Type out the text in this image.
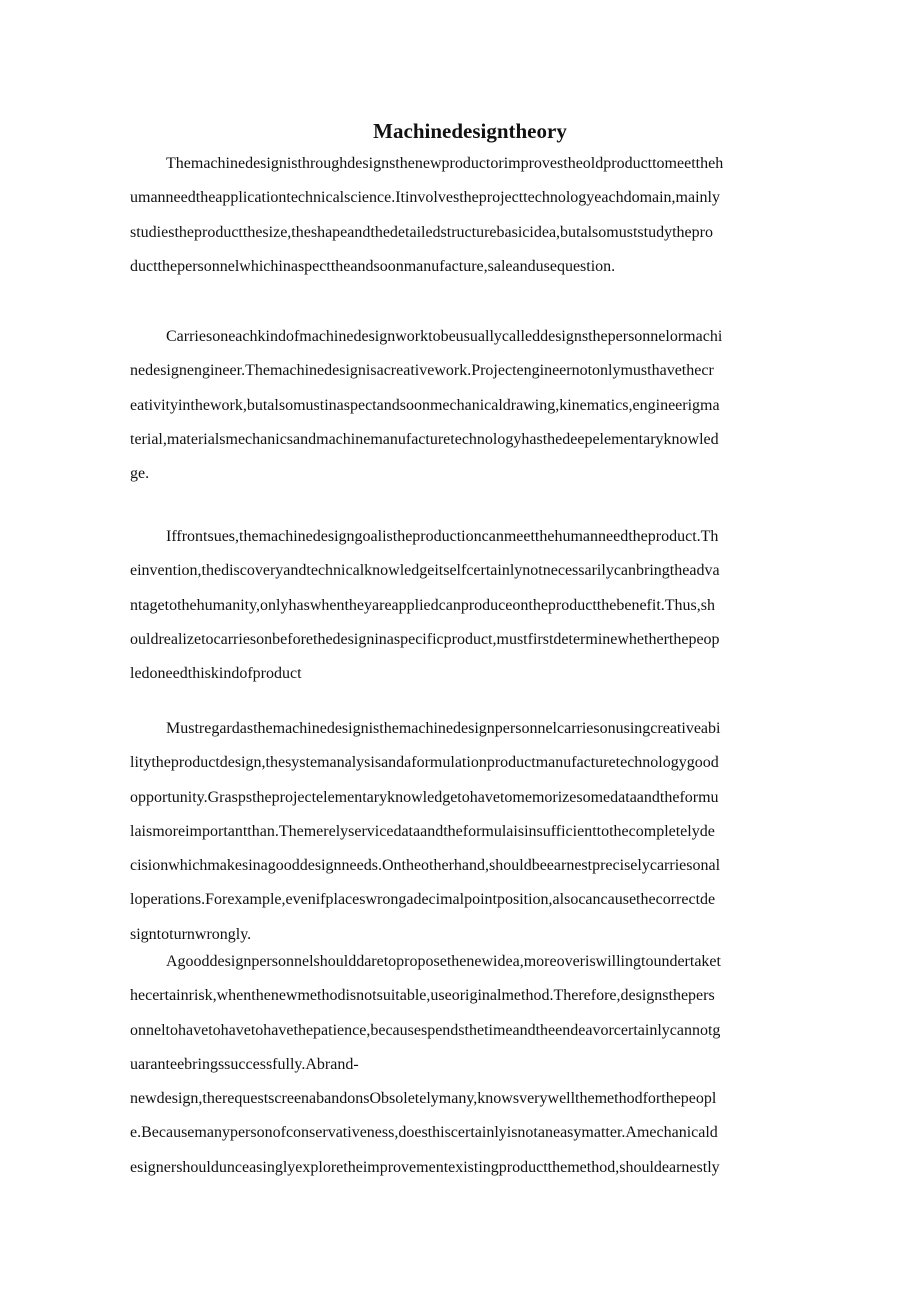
Machinedesigntheory
Themachinedesignisthroughdesignsthenewproductorimprovestheoldproducttomeettheh
umanneedtheapplicationtechnicalscience.Itinvolvestheprojecttechnologyeachdomain,mainly
studiestheproductthesize,theshapeandthedetailedstructurebasicidea,butalsomuststudythepro
ductthepersonnelwhichinaspecttheandsoonmanufacture,saleandusequestion.
Carriesoneachkindofmachinedesignworktobeusuallycalleddesignsthepersonnelormachi
nedesignengineer.Themachinedesignisacreativework.Projectengineernotonlymusthavethecr
eativityinthework,butalsomustinaspectandsoonmechanicaldrawing,kinematics,engineerigma
terial,materialsmechanicsandmachinemanufacturetechnologyhasthedeepelementaryknowled
ge.
Iffrontsues,themachinedesigngoalistheproductioncanmeetthehumanneedtheproduct.Th
einvention,thediscoveryandtechnicalknowledgeitselfcertainlynotnecessarilycanbringtheadva
ntagetothehumanity,onlyhaswhentheyareappliedcanproduceontheproductthebenefit.Thus,sh
ouldrealizetocarriesonbeforethedesigninaspecificproduct,mustfirstdeterminewhetherthepeop
ledoneedthiskindofproduct
Mustregardasthemachinedesignisthemachinedesignpersonnelcarriesonusingcreativeabi
litytheproductdesign,thesystemanalysisandaformulationproductmanufacturetechnologygood
opportunity.Graspstheprojectelementaryknowledgetohavetomemorizesomedataandtheformu
laismoreimportantthan.Themerelyservicedataandtheformulaisinsufficienttothecompletelyde
cisionwhichmakesinagooddesignneeds.Ontheotherhand,shouldbeearnestpreciselycarriesonal
loperations.Forexample,evenifplaceswrongadecimalpointposition,alsocancausethecorrectde
signtoturnwrongly.
Agooddesignpersonnelshoulddaretoproposethenewidea,moreoveriswillingtoundertaket
hecertainrisk,whenthenewmethodisnotsuitable,useoriginalmethod.Therefore,designsthepers
onneltohavetohavetohavethepatience,becausespendsthetimeandtheendeavorcertainlycannotg
uaranteebringssuccessfully.Abrand-
newdesign,therequestscreenabandonsObsoletelymany,knowsverywellthemethodforthepeopl
e.Becausemanypersonofconservativeness,doesthiscertainlyisnotaneasymatter.Amechanicald
esignershouldunceasinglyexploretheimprovementexistingproductthemethod,shouldearnestly
